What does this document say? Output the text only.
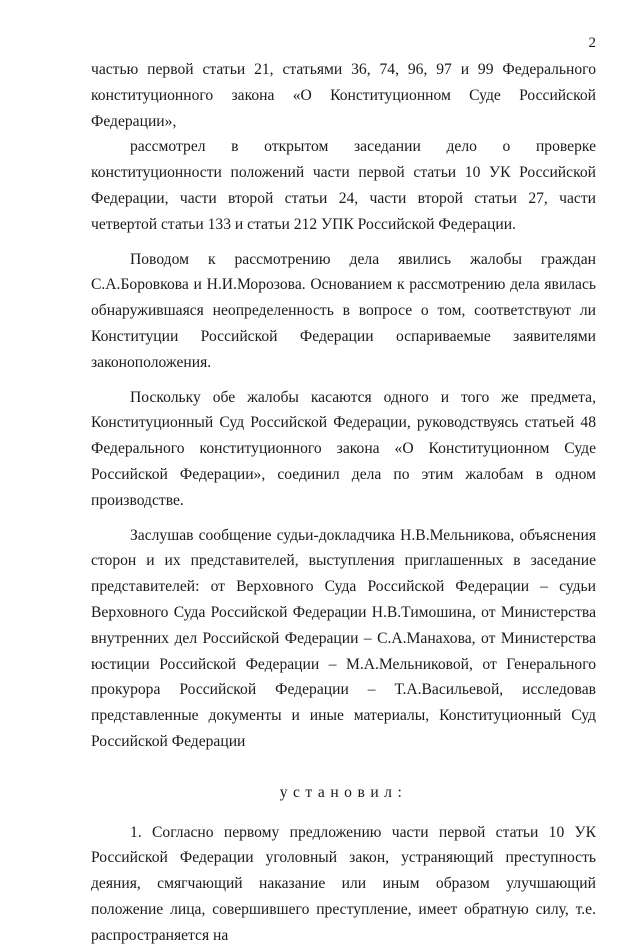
2

частью первой статьи 21, статьями 36, 74, 96, 97 и 99 Федерального конституционного закона «О Конституционном Суде Российской Федерации»,

рассмотрел в открытом заседании дело о проверке конституционности положений части первой статьи 10 УК Российской Федерации, части второй статьи 24, части второй статьи 27, части четвертой статьи 133 и статьи 212 УПК Российской Федерации.

Поводом к рассмотрению дела явились жалобы граждан С.А.Боровкова и Н.И.Морозова. Основанием к рассмотрению дела явилась обнаружившаяся неопределенность в вопросе о том, соответствуют ли Конституции Российской Федерации оспариваемые заявителями законоположения.

Поскольку обе жалобы касаются одного и того же предмета, Конституционный Суд Российской Федерации, руководствуясь статьей 48 Федерального конституционного закона «О Конституционном Суде Российской Федерации», соединил дела по этим жалобам в одном производстве.

Заслушав сообщение судьи-докладчика Н.В.Мельникова, объяснения сторон и их представителей, выступления приглашенных в заседание представителей: от Верховного Суда Российской Федерации – судьи Верховного Суда Российской Федерации Н.В.Тимошина, от Министерства внутренних дел Российской Федерации – С.А.Манахова, от Министерства юстиции Российской Федерации – М.А.Мельниковой, от Генерального прокурора Российской Федерации – Т.А.Васильевой, исследовав представленные документы и иные материалы, Конституционный Суд Российской Федерации

установил:

1. Согласно первому предложению части первой статьи 10 УК Российской Федерации уголовный закон, устраняющий преступность деяния, смягчающий наказание или иным образом улучшающий положение лица, совершившего преступление, имеет обратную силу, т.е. распространяется на
